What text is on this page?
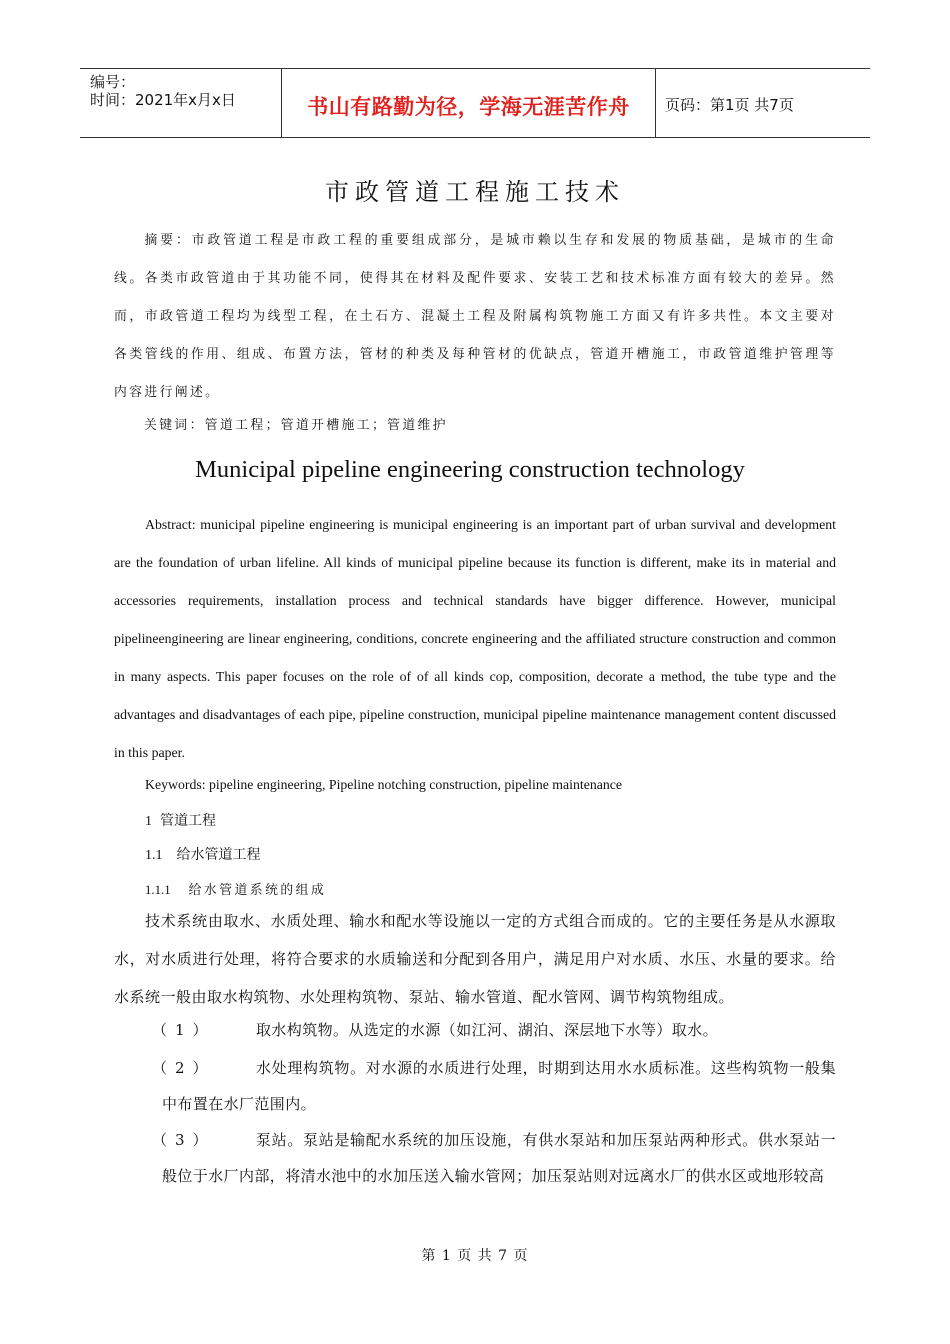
编号：
时间：2021年x月x日	书山有路勤为径，学海无涯苦作舟	页码：第1页 共7页
市政管道工程施工技术

摘要：市政管道工程是市政工程的重要组成部分，是城市赖以生存和发展的物质基础，是城市的生命线。各类市政管道由于其功能不同，使得其在材料及配件要求、安装工艺和技术标准方面有较大的差异。然而，市政管道工程均为线型工程，在土石方、混凝土工程及附属构筑物施工方面又有许多共性。本文主要对各类管线的作用、组成、布置方法，管材的种类及每种管材的优缺点，管道开槽施工，市政管道维护管理等内容进行阐述。

关键词：管道工程；管道开槽施工；管道维护
Municipal pipeline engineering construction technology

Abstract: municipal pipeline engineering is municipal engineering is an important part of urban survival and development are the foundation of urban lifeline. All kinds of municipal pipeline because its function is different, make its in material and accessories requirements, installation process and technical standards have bigger difference. However, municipal pipelineengineering are linear engineering, conditions, concrete engineering and the affiliated structure construction and common in many aspects. This paper focuses on the role of of all kinds cop, composition, decorate a method, the tube type and the advantages and disadvantages of each pipe, pipeline construction, municipal pipeline maintenance management content discussed in this paper.

Keywords: pipeline engineering, Pipeline notching construction, pipeline maintenance
1 管道工程
1.1 给水管道工程
1.1.1 给水管道系统的组成

技术系统由取水、水质处理、输水和配水等设施以一定的方式组合而成的。它的主要任务是从水源取水，对水质进行处理，将符合要求的水质输送和分配到各用户，满足用户对水质、水压、水量的要求。给水系统一般由取水构筑物、水处理构筑物、泵站、输水管道、配水管网、调节构筑物组成。

（1）	取水构筑物。从选定的水源（如江河、湖泊、深层地下水等）取水。
（2）	水处理构筑物。对水源的水质进行处理，时期到达用水水质标准。这些构筑物一般集中布置在水厂范围内。
（3）	泵站。泵站是输配水系统的加压设施，有供水泵站和加压泵站两种形式。供水泵站一般位于水厂内部，将清水池中的水加压送入输水管网；加压泵站则对远离水厂的供水区或地形较高
第 1 页 共 7 页
